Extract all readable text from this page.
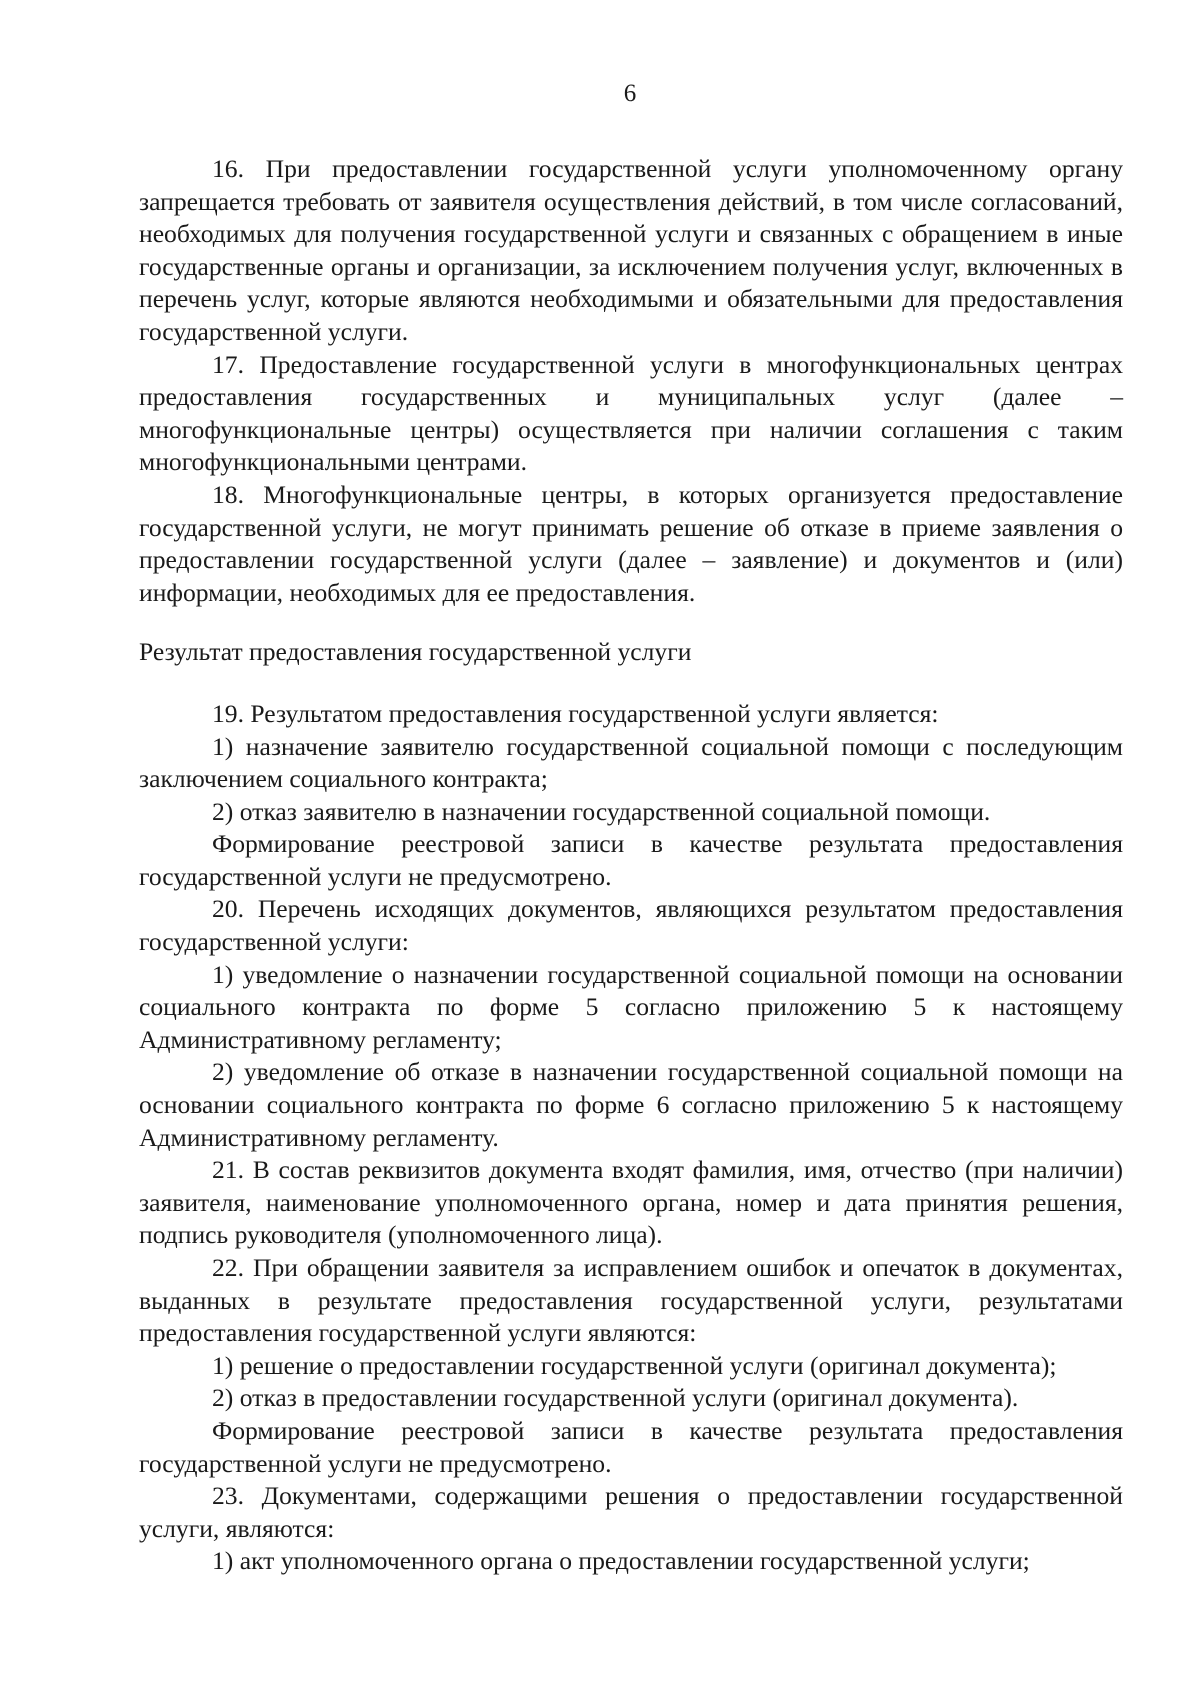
6

16. При предоставлении государственной услуги уполномоченному органу запрещается требовать от заявителя осуществления действий, в том числе согласований, необходимых для получения государственной услуги и связанных с обращением в иные государственные органы и организации, за исключением получения услуг, включенных в перечень услуг, которые являются необходимыми и обязательными для предоставления государственной услуги.

17. Предоставление государственной услуги в многофункциональных центрах предоставления государственных и муниципальных услуг (далее – многофункциональные центры) осуществляется при наличии соглашения с таким многофункциональными центрами.

18. Многофункциональные центры, в которых организуется предоставление государственной услуги, не могут принимать решение об отказе в приеме заявления о предоставлении государственной услуги (далее – заявление) и документов и (или) информации, необходимых для ее предоставления.

Результат предоставления государственной услуги

19. Результатом предоставления государственной услуги является:

1) назначение заявителю государственной социальной помощи с последующим заключением социального контракта;

2) отказ заявителю в назначении государственной социальной помощи.

Формирование реестровой записи в качестве результата предоставления государственной услуги не предусмотрено.

20. Перечень исходящих документов, являющихся результатом предоставления государственной услуги:

1) уведомление о назначении государственной социальной помощи на основании социального контракта по форме 5 согласно приложению 5 к настоящему Административному регламенту;

2) уведомление об отказе в назначении государственной социальной помощи на основании социального контракта по форме 6 согласно приложению 5 к настоящему Административному регламенту.

21. В состав реквизитов документа входят фамилия, имя, отчество (при наличии) заявителя, наименование уполномоченного органа, номер и дата принятия решения, подпись руководителя (уполномоченного лица).

22. При обращении заявителя за исправлением ошибок и опечаток в документах, выданных в результате предоставления государственной услуги, результатами предоставления государственной услуги являются:

1) решение о предоставлении государственной услуги (оригинал документа);

2) отказ в предоставлении государственной услуги (оригинал документа).

Формирование реестровой записи в качестве результата предоставления государственной услуги не предусмотрено.

23. Документами, содержащими решения о предоставлении государственной услуги, являются:

1) акт уполномоченного органа о предоставлении государственной услуги;
